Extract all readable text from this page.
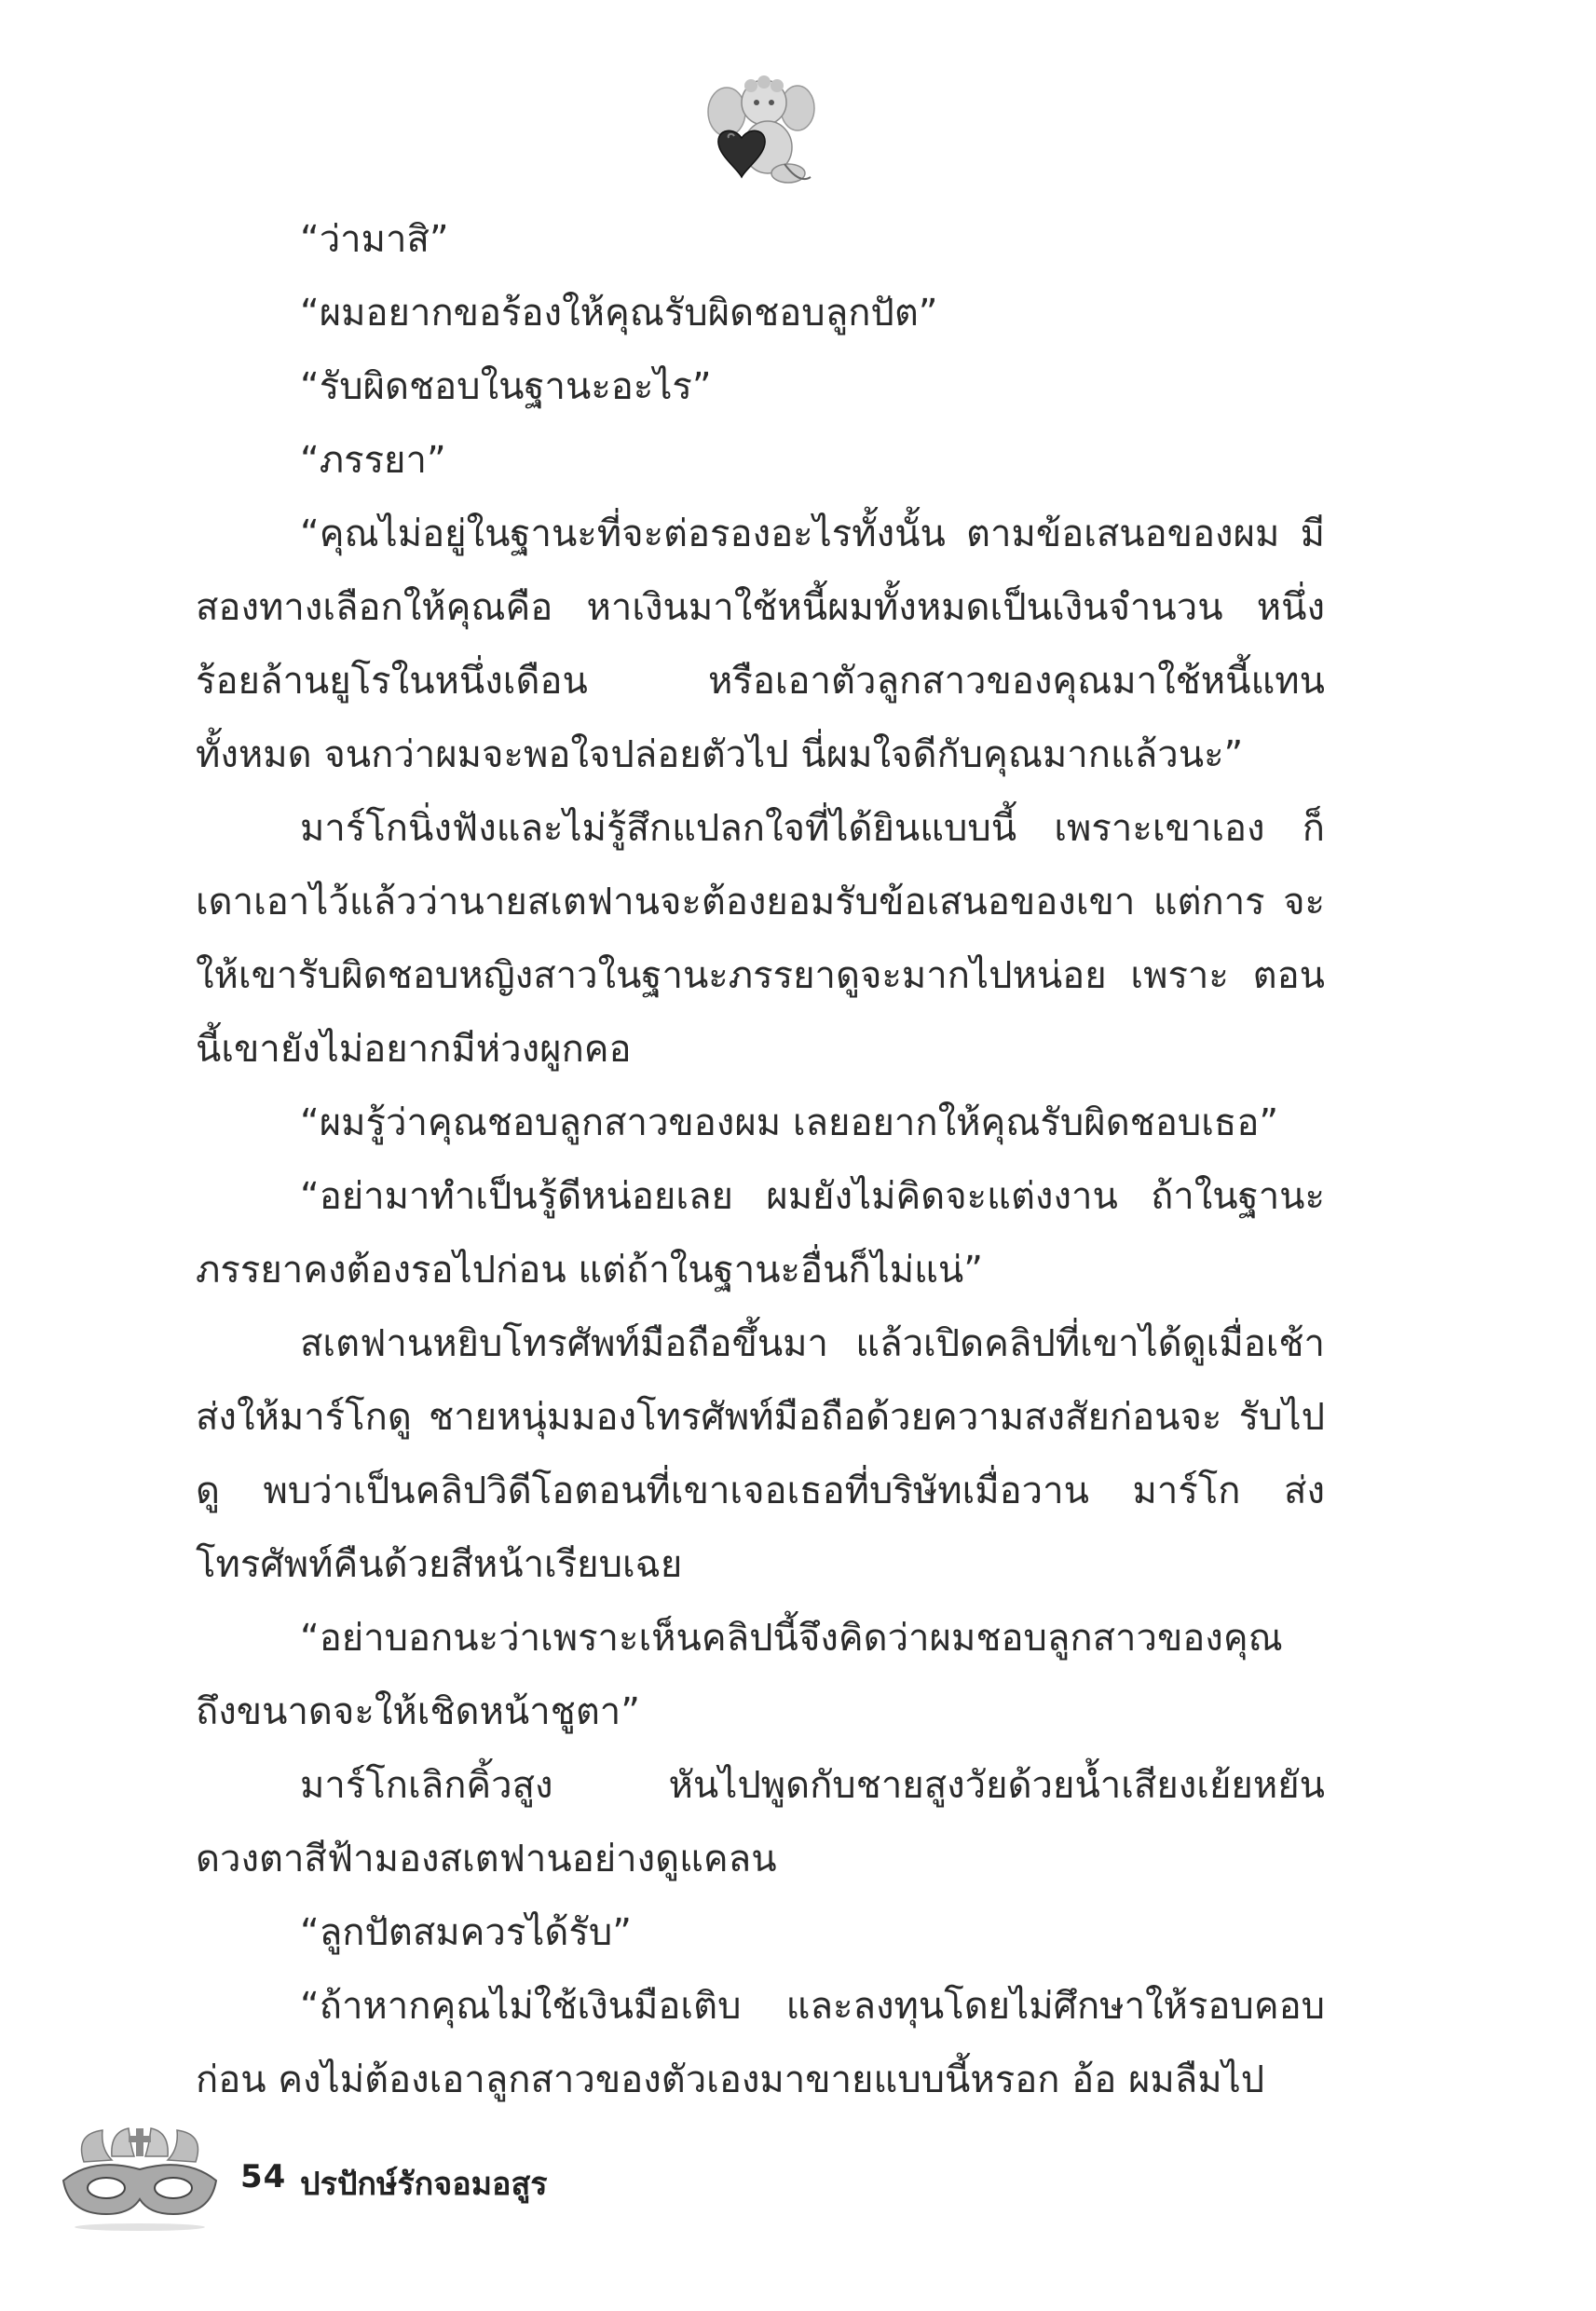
“ว่ามาสิ”

“ผมอยากขอร้องให้คุณรับผิดชอบลูกปัต”

“รับผิดชอบในฐานะอะไร”

“ภรรยา”

“คุณไม่อยู่ในฐานะที่จะต่อรองอะไรทั้งนั้น ตามข้อเสนอของผม มีสองทางเลือกให้คุณคือ หาเงินมาใช้หนี้ผมทั้งหมดเป็นเงินจำนวน หนึ่งร้อยล้านยูโรในหนึ่งเดือน หรือเอาตัวลูกสาวของคุณมาใช้หนี้แทน ทั้งหมด จนกว่าผมจะพอใจปล่อยตัวไป นี่ผมใจดีกับคุณมากแล้วนะ”

มาร์โกนิ่งฟังและไม่รู้สึกแปลกใจที่ได้ยินแบบนี้ เพราะเขาเอง ก็เดาเอาไว้แล้วว่านายสเตฟานจะต้องยอมรับข้อเสนอของเขา แต่การ จะให้เขารับผิดชอบหญิงสาวในฐานะภรรยาดูจะมากไปหน่อย เพราะ ตอนนี้เขายังไม่อยากมีห่วงผูกคอ

“ผมรู้ว่าคุณชอบลูกสาวของผม เลยอยากให้คุณรับผิดชอบเธอ”

“อย่ามาทำเป็นรู้ดีหน่อยเลย ผมยังไม่คิดจะแต่งงาน ถ้าในฐานะ ภรรยาคงต้องรอไปก่อน แต่ถ้าในฐานะอื่นก็ไม่แน่”

สเตฟานหยิบโทรศัพท์มือถือขึ้นมา แล้วเปิดคลิปที่เขาได้ดูเมื่อเช้า ส่งให้มาร์โกดู ชายหนุ่มมองโทรศัพท์มือถือด้วยความสงสัยก่อนจะ รับไปดู พบว่าเป็นคลิปวิดีโอตอนที่เขาเจอเธอที่บริษัทเมื่อวาน มาร์โก ส่งโทรศัพท์คืนด้วยสีหน้าเรียบเฉย

“อย่าบอกนะว่าเพราะเห็นคลิปนี้จึงคิดว่าผมชอบลูกสาวของคุณ ถึงขนาดจะให้เชิดหน้าชูตา”

มาร์โกเลิกคิ้วสูง หันไปพูดกับชายสูงวัยด้วยน้ำเสียงเย้ยหยัน ดวงตาสีฟ้ามองสเตฟานอย่างดูแคลน

“ลูกปัตสมควรได้รับ”

“ถ้าหากคุณไม่ใช้เงินมือเติบ และลงทุนโดยไม่ศึกษาให้รอบคอบ ก่อน คงไม่ต้องเอาลูกสาวของตัวเองมาขายแบบนี้หรอก อ้อ ผมลืมไป

54 ปรปักษ์รักจอมอสูร
